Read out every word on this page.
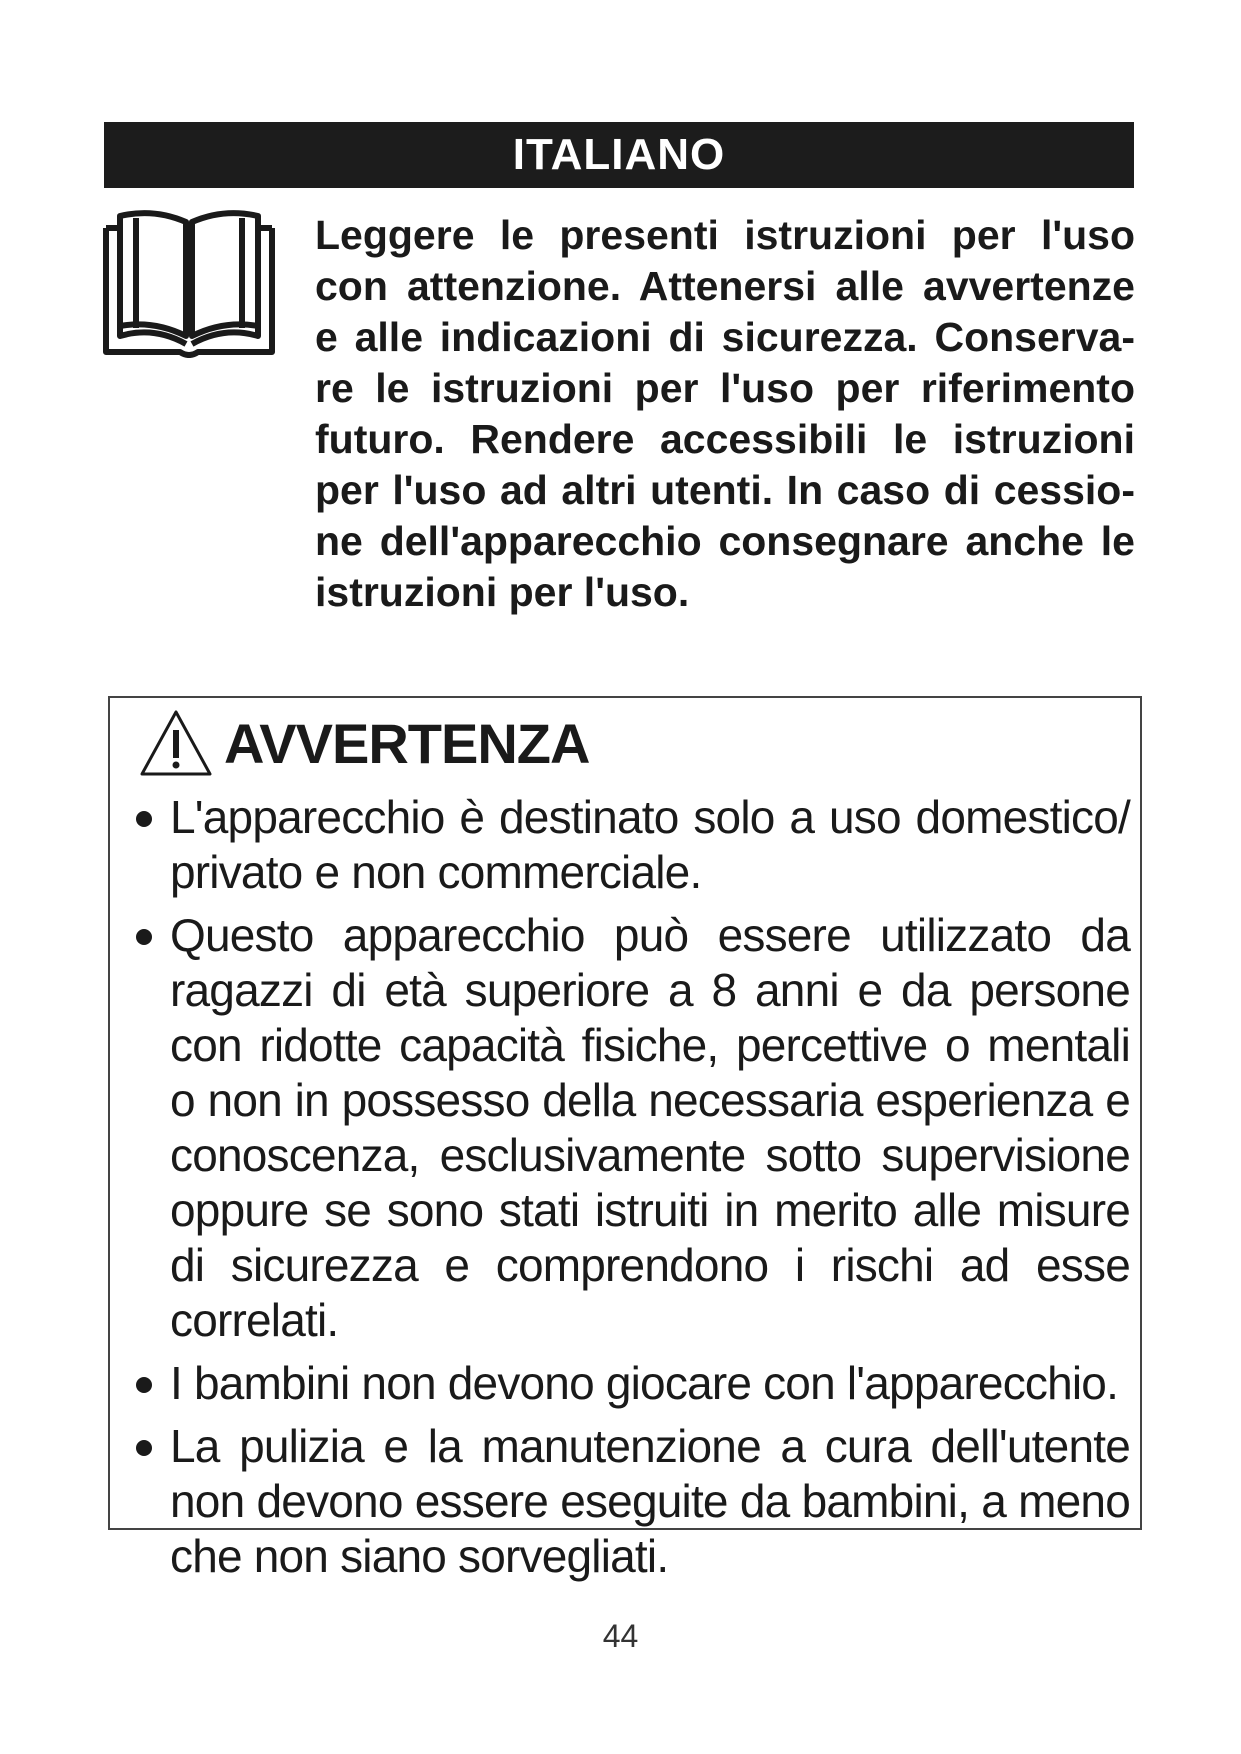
ITALIANO

Leggere le presenti istruzioni per l'uso con attenzione. Attenersi alle avvertenze e alle indicazioni di sicurezza. Conserva-re le istruzioni per l'uso per riferimento futuro. Rendere accessibili le istruzioni per l'uso ad altri utenti. In caso di cessio-ne dell'apparecchio consegnare anche le istruzioni per l'uso.

AVVERTENZA
L'apparecchio è destinato solo a uso domestico/ privato e non commerciale.
Questo apparecchio può essere utilizzato da ragazzi di età superiore a 8 anni e da persone con ridotte capacità fisiche, percettive o mentali o non in possesso della necessaria esperienza e conoscenza, esclusivamente sotto supervisione oppure se sono stati istruiti in merito alle misure di sicurezza e comprendono i rischi ad esse correlati.
I bambini non devono giocare con l'apparecchio.
La pulizia e la manutenzione a cura dell'utente non devono essere eseguite da bambini, a meno che non siano sorvegliati.
44
